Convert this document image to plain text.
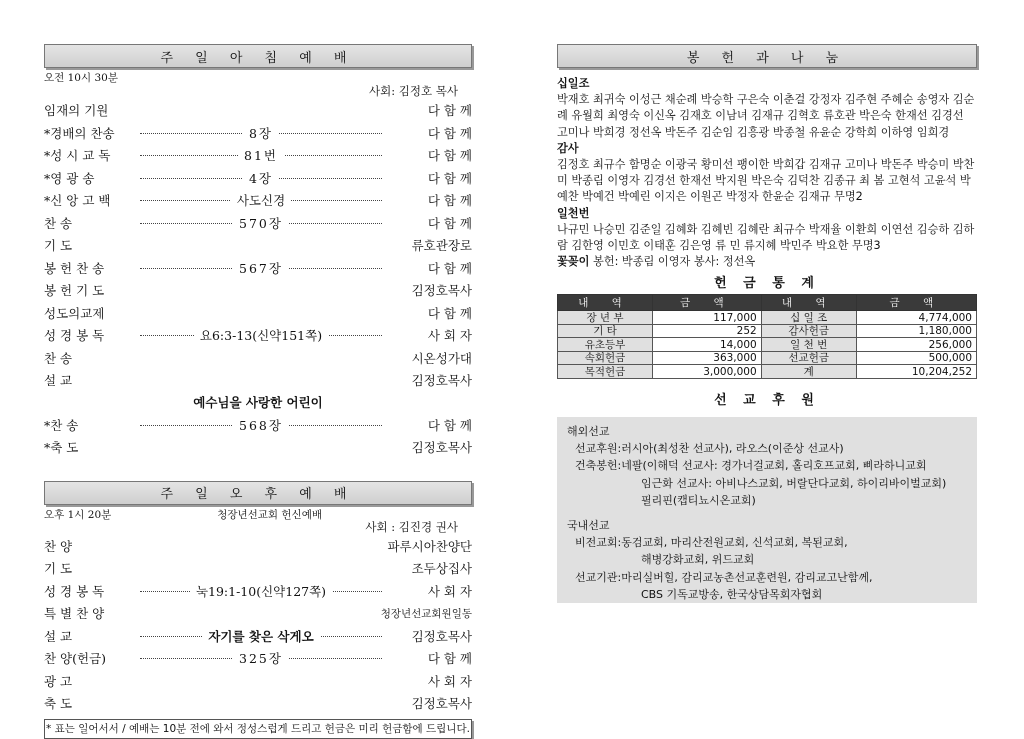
주 일 아 침 예 배
오전 10시 30분
사회: 김정호 목사
임재의 기원	다 함 께
*경배의 찬송	8장	다 함 께
*성 시 교 독	81번	다 함 께
*영 광 송	4장	다 함 께
*신 앙 고 백	사도신경	다 함 께
찬 송	570장	다 함 께
기 도	류호관장로
봉 헌 찬 송	567장	다 함 께
봉 헌 기 도	김정호목사
성도의교제	다 함 께
성 경 봉 독	요6:3-13(신약151쪽)	사 회 자
찬 송	시온성가대
설 교	김정호목사
예수님을 사랑한 어린이
*찬 송	568장	다 함 께
*축 도	김정호목사
주 일 오 후 예 배
오후 1시 20분	청장년선교회 헌신예배
사회 : 김진경 권사
찬 양	파루시아찬양단
기 도	조두상집사
성 경 봉 독	눅19:1-10(신약127쪽)	사 회 자
특 별 찬 양	청장년선교회원일동
설 교	자기를 찾은 삭게오	김정호목사
찬 양(헌금)	325장	다 함 께
광 고	사 회 자
축 도	김정호목사
* 표는 일어서서 / 예배는 10분 전에 와서 정성스럽게 드리고 헌금은 미리 헌금함에 드립니다.
봉 헌 과 나 눔
십일조
박재호 최귀숙 이성근 채순례 박승학 구은숙 이춘걸 강정자 김주현 주혜순 송영자 김순례 유월희 최영숙 이신옥 김재호 이남녀 김재규 김혁호 류호관 박은숙 한재선 김경선 고미나 박희경 정선옥 박돈주 김순임 김흥광 박종철 유윤순 강학희 이하영 임희경
감사
김정호 최규수 함명순 이광국 황미선 팽이한 박희갑 김재규 고미나 박돈주 박승미 박찬미 박종림 이영자 김경선 한재선 박지원 박은숙 김덕찬 김종규 최 봄 고현석 고윤석 박예찬 박예건 박예린 이지은 이원곤 박정자 한윤순 김재규 무명2
일천번
나규민 나승민 김준일 김혜화 김혜빈 김혜란 최규수 박재율 이환희 이연선 김승하 김하람 김한영 이민호 이태훈 김은영 류 민 류지혜 박민주 박요한 무명3
꽃꽂이 봉헌: 박종림 이영자 봉사: 정선옥
헌 금 통 계
내 역	금 액	내 역	금 액
장 년 부	117,000	십 일 조	4,774,000
기 타	252	감사헌금	1,180,000
유초등부	14,000	일 천 번	256,000
속회헌금	363,000	선교헌금	500,000
목적헌금	3,000,000	계	10,204,252
선 교 후 원
해외선교
선교후원: 러시아(최성찬 선교사), 라오스(이준상 선교사)
건축봉헌: 네팔(이해덕 선교사: 경가너걸교회, 홀리호프교회, 삐라하니교회
임근화 선교사: 아비나스교회, 버랄단다교회, 하이리바이벌교회)
필리핀(캡티뇨시온교회)
국내선교
비전교회: 동검교회, 마리산전원교회, 신석교회, 복된교회,
해병강화교회, 위드교회
선교기관: 마리실버힐, 감리교농촌선교훈련원, 감리교고난함께,
CBS 기독교방송, 한국상담목회자협회
